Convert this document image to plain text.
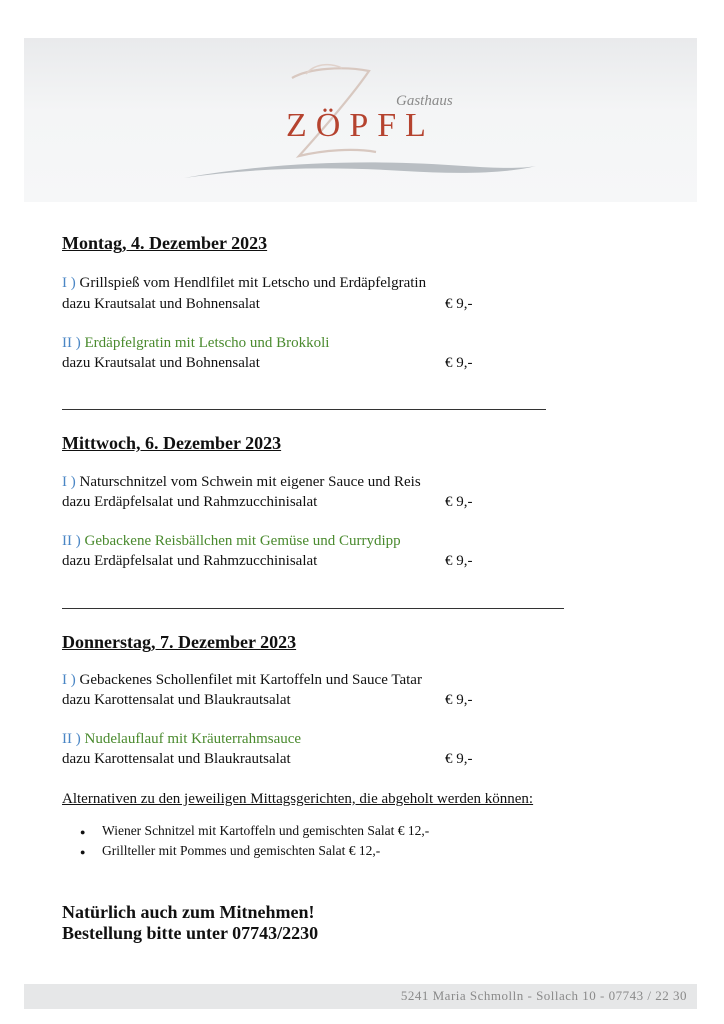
Gasthaus
ZÖPFL
Montag, 4. Dezember 2023
I ) Grillspieß vom Hendlfilet mit Letscho und Erdäpfelgratin
dazu Krautsalat und Bohnensalat	€ 9,-
II ) Erdäpfelgratin mit Letscho und Brokkoli
dazu Krautsalat und Bohnensalat	€ 9,-
Mittwoch, 6. Dezember 2023
I ) Naturschnitzel vom Schwein mit eigener Sauce und Reis
dazu Erdäpfelsalat und Rahmzucchinisalat	€ 9,-
II ) Gebackene Reisbällchen mit Gemüse und Currydipp
dazu Erdäpfelsalat und Rahmzucchinisalat	€ 9,-
Donnerstag, 7. Dezember 2023
I ) Gebackenes Schollenfilet mit Kartoffeln und Sauce Tatar
dazu Karottensalat und Blaukrautsalat	€ 9,-
II ) Nudelauflauf mit Kräuterrahmsauce
dazu Karottensalat und Blaukrautsalat	€ 9,-
Alternativen zu den jeweiligen Mittagsgerichten, die abgeholt werden können:
● Wiener Schnitzel mit Kartoffeln und gemischten Salat € 12,-
● Grillteller mit Pommes und gemischten Salat € 12,-
Natürlich auch zum Mitnehmen!
Bestellung bitte unter 07743/2230
5241 Maria Schmolln - Sollach 10 - 07743 / 22 30
